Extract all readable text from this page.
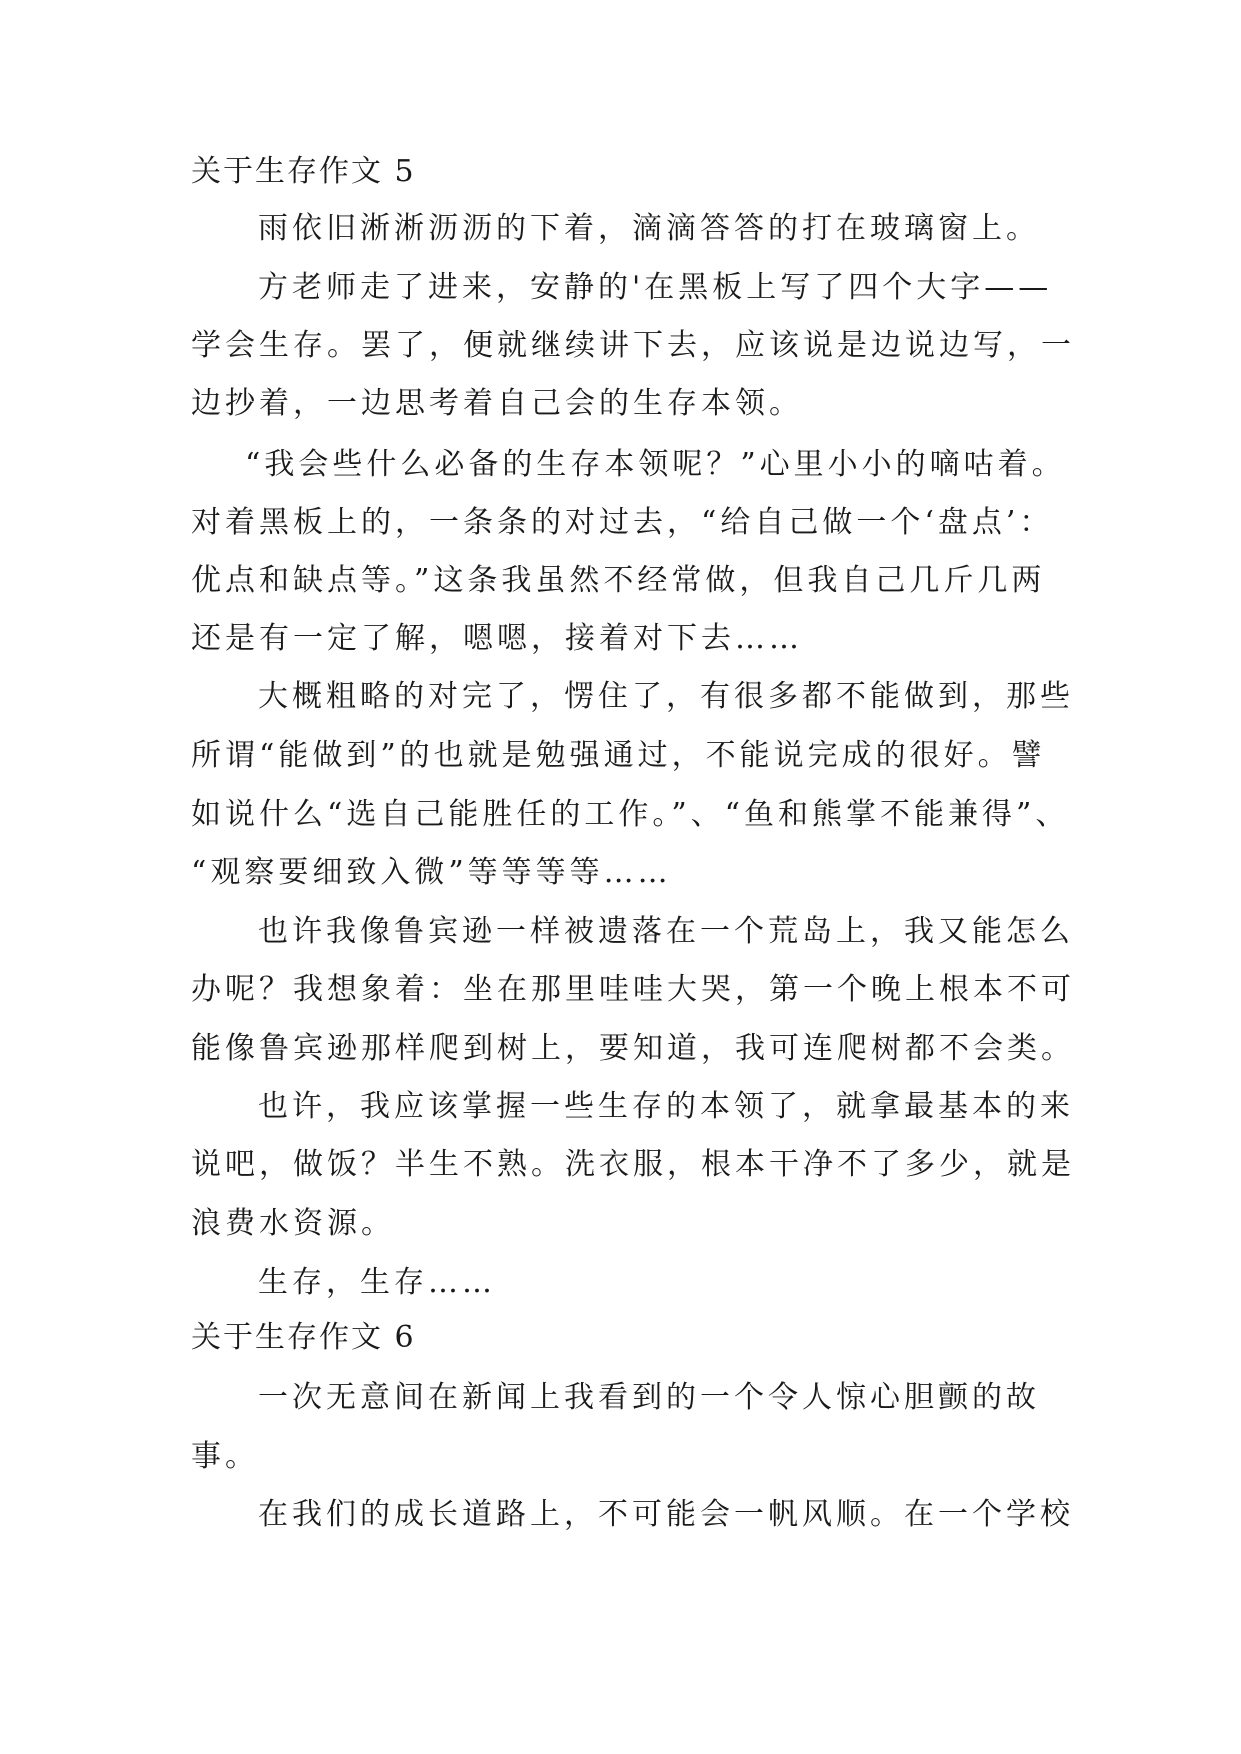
关于生存作文 5
雨依旧淅淅沥沥的下着，滴滴答答的打在玻璃窗上。
方老师走了进来，安静的'在黑板上写了四个大字——
学会生存。罢了，便就继续讲下去，应该说是边说边写，一
边抄着，一边思考着自己会的生存本领。
“我会些什么必备的生存本领呢？”心里小小的嘀咕着。
对着黑板上的，一条条的对过去，“给自己做一个‘盘点’：
优点和缺点等。”这条我虽然不经常做，但我自己几斤几两
还是有一定了解，嗯嗯，接着对下去……
大概粗略的对完了，愣住了，有很多都不能做到，那些
所谓“能做到”的也就是勉强通过，不能说完成的很好。譬
如说什么“选自己能胜任的工作。”、“鱼和熊掌不能兼得”、
“观察要细致入微”等等等等……
也许我像鲁宾逊一样被遗落在一个荒岛上，我又能怎么
办呢？我想象着：坐在那里哇哇大哭，第一个晚上根本不可
能像鲁宾逊那样爬到树上，要知道，我可连爬树都不会类。
也许，我应该掌握一些生存的本领了，就拿最基本的来
说吧，做饭？半生不熟。洗衣服，根本干净不了多少，就是
浪费水资源。
生存，生存……
关于生存作文 6
一次无意间在新闻上我看到的一个令人惊心胆颤的故
事。
在我们的成长道路上，不可能会一帆风顺。在一个学校
